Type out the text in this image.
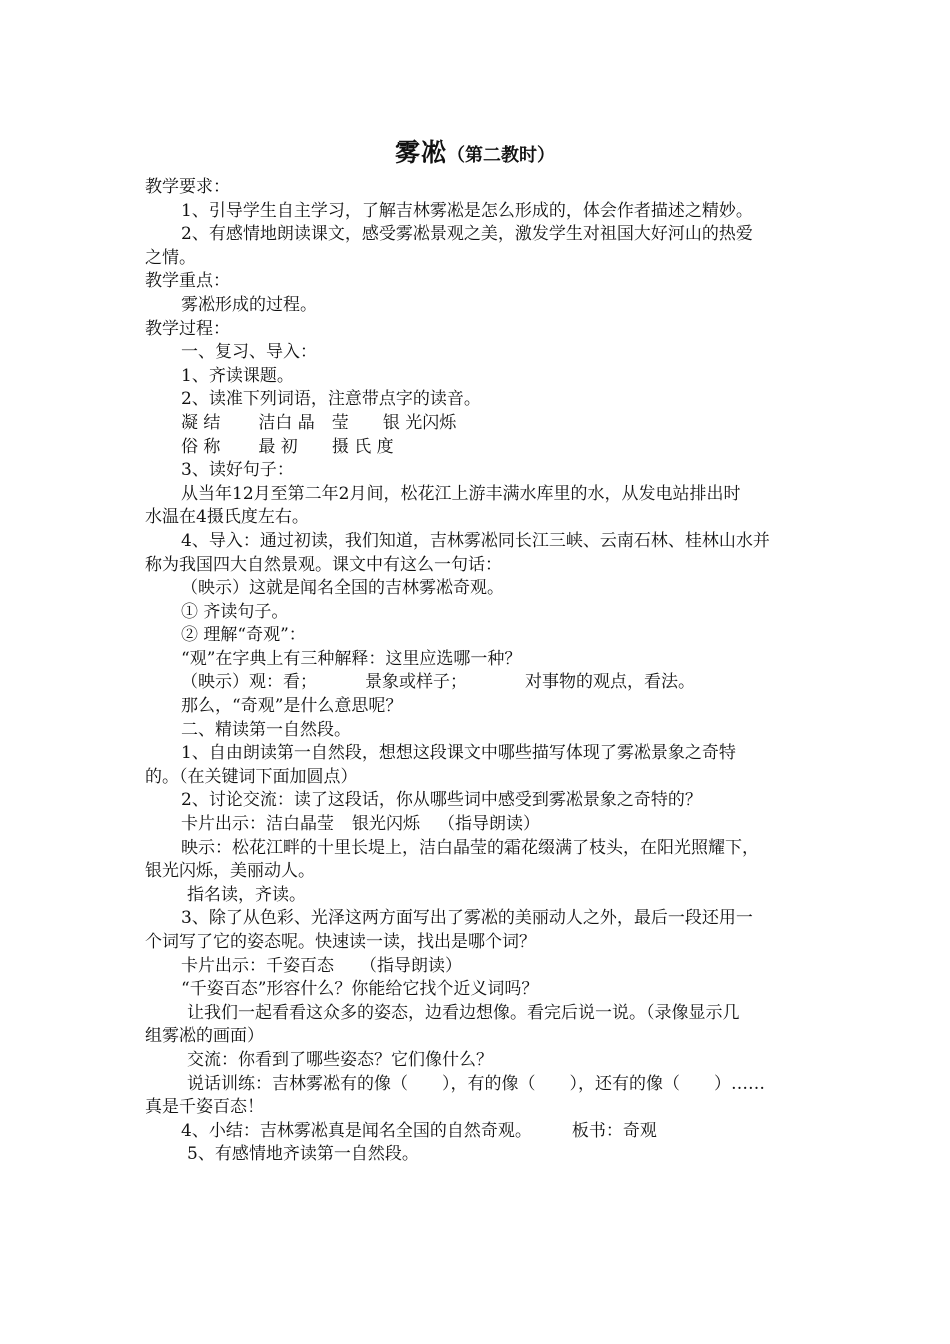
雾凇（第二教时）

教学要求：

1、引导学生自主学习，了解吉林雾凇是怎么形成的，体会作者描述之精妙。

2、有感情地朗读课文，感受雾凇景观之美，激发学生对祖国大好河山的热爱

之情。

教学重点：

雾凇形成的过程。

教学过程：

一、复习、导入：

1、齐读课题。

2、读准下列词语，注意带点字的读音。

凝 结 洁白 晶　莹 银 光闪烁

俗 称 最 初 摄 氏 度

3、读好句子：

从当年12月至第二年2月间，松花江上游丰满水库里的水，从发电站排出时

水温在4摄氏度左右。

4、导入：通过初读，我们知道，吉林雾凇同长江三峡、云南石林、桂林山水并

称为我国四大自然景观。课文中有这么一句话：

（映示）这就是闻名全国的吉林雾凇奇观。

① 齐读句子。

② 理解“奇观”：

“观”在字典上有三种解释：这里应选哪一种？

（映示）观：看；	景象或样子；	对事物的观点，看法。

那么，“奇观”是什么意思呢？

二、精读第一自然段。

1、自由朗读第一自然段，想想这段课文中哪些描写体现了雾凇景象之奇特

的。（在关键词下面加圆点）

2、讨论交流：读了这段话，你从哪些词中感受到雾凇景象之奇特的？

卡片出示：洁白晶莹 银光闪烁 （指导朗读）

映示：松花江畔的十里长堤上，洁白晶莹的霜花缀满了枝头，在阳光照耀下，

银光闪烁，美丽动人。

指名读，齐读。

3、除了从色彩、光泽这两方面写出了雾凇的美丽动人之外，最后一段还用一

个词写了它的姿态呢。快速读一读，找出是哪个词？

卡片出示：千姿百态 （指导朗读）

“千姿百态”形容什么？你能给它找个近义词吗？

让我们一起看看这众多的姿态，边看边想像。看完后说一说。（录像显示几

组雾凇的画面）

交流：你看到了哪些姿态？它们像什么？

说话训练：吉林雾凇有的像（　　），有的像（　　），还有的像（　　）……

真是千姿百态！

4、小结：吉林雾凇真是闻名全国的自然奇观。 板书：奇观

5、有感情地齐读第一自然段。
